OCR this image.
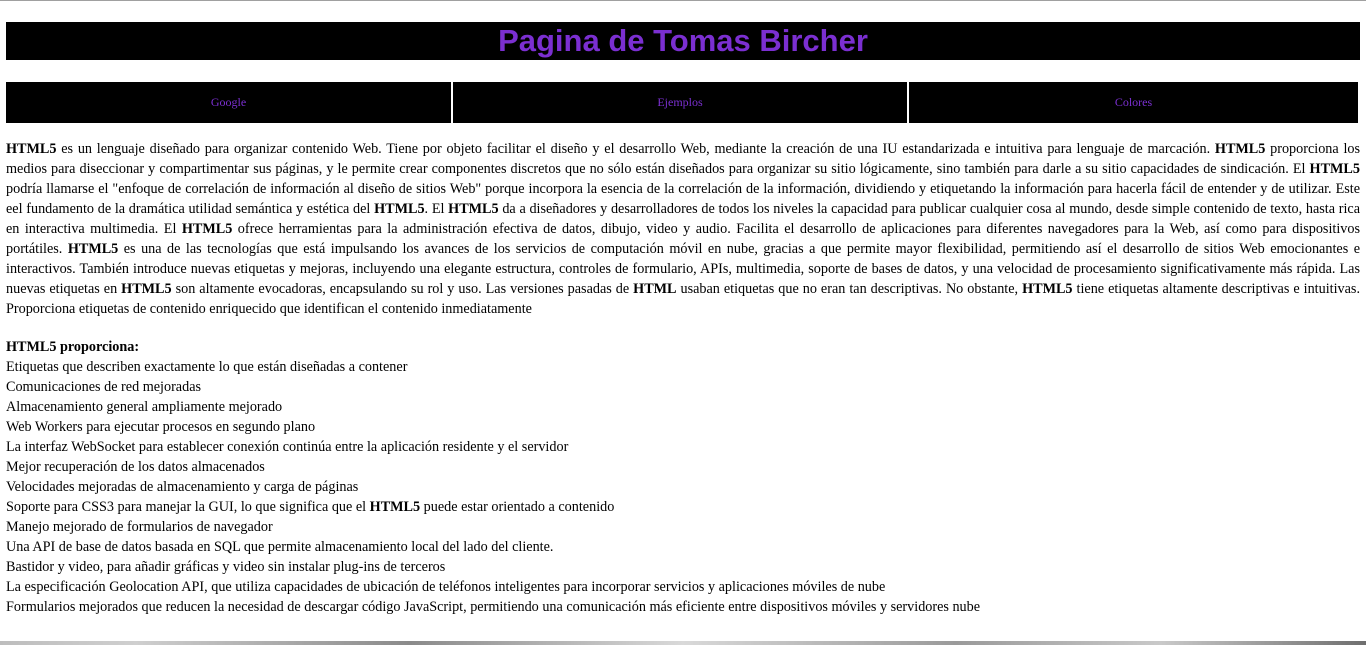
Pagina de Tomas Bircher
Google	Ejemplos	Colores

HTML5 es un lenguaje diseñado para organizar contenido Web. Tiene por objeto facilitar el diseño y el desarrollo Web, mediante la creación de una IU estandarizada e intuitiva para lenguaje de marcación. HTML5 proporciona los medios para diseccionar y compartimentar sus páginas, y le permite crear componentes discretos que no sólo están diseñados para organizar su sitio lógicamente, sino también para darle a su sitio capacidades de sindicación. El HTML5 podría llamarse el "enfoque de correlación de información al diseño de sitios Web" porque incorpora la esencia de la correlación de la información, dividiendo y etiquetando la información para hacerla fácil de entender y de utilizar. Este eel fundamento de la dramática utilidad semántica y estética del HTML5. El HTML5 da a diseñadores y desarrolladores de todos los niveles la capacidad para publicar cualquier cosa al mundo, desde simple contenido de texto, hasta rica en interactiva multimedia. El HTML5 ofrece herramientas para la administración efectiva de datos, dibujo, video y audio. Facilita el desarrollo de aplicaciones para diferentes navegadores para la Web, así como para dispositivos portátiles. HTML5 es una de las tecnologías que está impulsando los avances de los servicios de computación móvil en nube, gracias a que permite mayor flexibilidad, permitiendo así el desarrollo de sitios Web emocionantes e interactivos. También introduce nuevas etiquetas y mejoras, incluyendo una elegante estructura, controles de formulario, APIs, multimedia, soporte de bases de datos, y una velocidad de procesamiento significativamente más rápida. Las nuevas etiquetas en HTML5 son altamente evocadoras, encapsulando su rol y uso. Las versiones pasadas de HTML usaban etiquetas que no eran tan descriptivas. No obstante, HTML5 tiene etiquetas altamente descriptivas e intuitivas. Proporciona etiquetas de contenido enriquecido que identifican el contenido inmediatamente

HTML5 proporciona:
Etiquetas que describen exactamente lo que están diseñadas a contener
Comunicaciones de red mejoradas
Almacenamiento general ampliamente mejorado
Web Workers para ejecutar procesos en segundo plano
La interfaz WebSocket para establecer conexión continúa entre la aplicación residente y el servidor
Mejor recuperación de los datos almacenados
Velocidades mejoradas de almacenamiento y carga de páginas
Soporte para CSS3 para manejar la GUI, lo que significa que el HTML5 puede estar orientado a contenido
Manejo mejorado de formularios de navegador
Una API de base de datos basada en SQL que permite almacenamiento local del lado del cliente.
Bastidor y video, para añadir gráficas y video sin instalar plug-ins de terceros
La especificación Geolocation API, que utiliza capacidades de ubicación de teléfonos inteligentes para incorporar servicios y aplicaciones móviles de nube
Formularios mejorados que reducen la necesidad de descargar código JavaScript, permitiendo una comunicación más eficiente entre dispositivos móviles y servidores nube
